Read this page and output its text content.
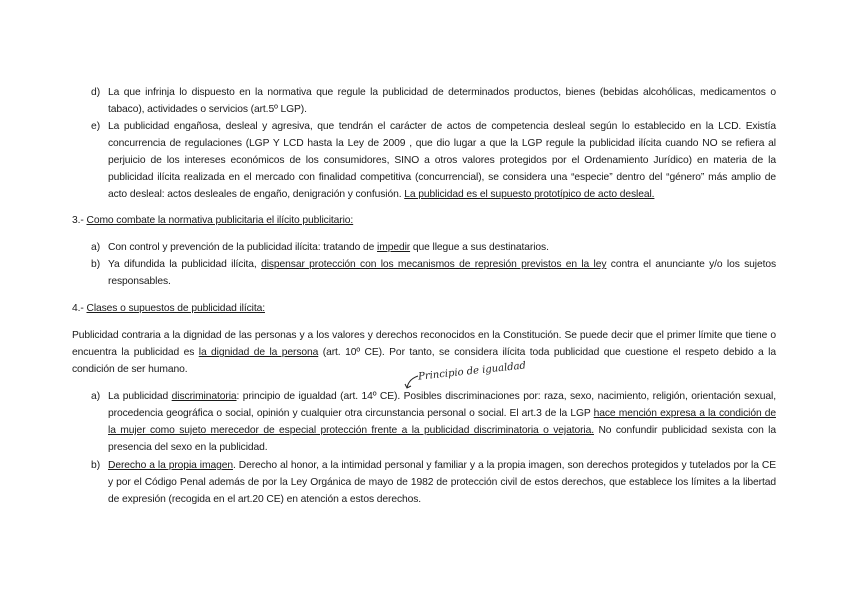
d) La que infrinja lo dispuesto en la normativa que regule la publicidad de determinados productos, bienes (bebidas alcohólicas, medicamentos o tabaco), actividades o servicios (art.5º LGP).
e) La publicidad engañosa, desleal y agresiva, que tendrán el carácter de actos de competencia desleal según lo establecido en la LCD. Existía concurrencia de regulaciones (LGP Y LCD hasta la Ley de 2009 , que dio lugar a que la LGP regule la publicidad ilícita cuando NO se refiera al perjuicio de los intereses económicos de los consumidores, SINO a otros valores protegidos por el Ordenamiento Jurídico) en materia de la publicidad ilícita realizada en el mercado con finalidad competitiva (concurrencial), se considera una “especie” dentro del “género” más amplio de acto desleal: actos desleales de engaño, denigración y confusión. La publicidad es el supuesto prototípico de acto desleal.
3.- Como combate la normativa publicitaria el ilícito publicitario:
a) Con control y prevención de la publicidad ilícita: tratando de impedir que llegue a sus destinatarios.
b) Ya difundida la publicidad ilícita, dispensar protección con los mecanismos de represión previstos en la ley contra el anunciante y/o los sujetos responsables.
4.- Clases o supuestos de publicidad ilícita:
Publicidad contraria a la dignidad de las personas y a los valores y derechos reconocidos en la Constitución. Se puede decir que el primer límite que tiene o encuentra la publicidad es la dignidad de la persona (art. 10º CE). Por tanto, se considera ilícita toda publicidad que cuestione el respeto debido a la condición de ser humano.	Principio de igualdad
a) La publicidad discriminatoria: principio de igualdad (art. 14º CE). Posibles discriminaciones por: raza, sexo, nacimiento, religión, orientación sexual, procedencia geográfica o social, opinión y cualquier otra circunstancia personal o social. El art.3 de la LGP hace mención expresa a la condición de la mujer como sujeto merecedor de especial protección frente a la publicidad discriminatoria o vejatoria. No confundir publicidad sexista con la presencia del sexo en la publicidad.
b) Derecho a la propia imagen. Derecho al honor, a la intimidad personal y familiar y a la propia imagen, son derechos protegidos y tutelados por la CE y por el Código Penal además de por la Ley Orgánica de mayo de 1982 de protección civil de estos derechos, que establece los límites a la libertad de expresión (recogida en el art.20 CE) en atención a estos derechos.
